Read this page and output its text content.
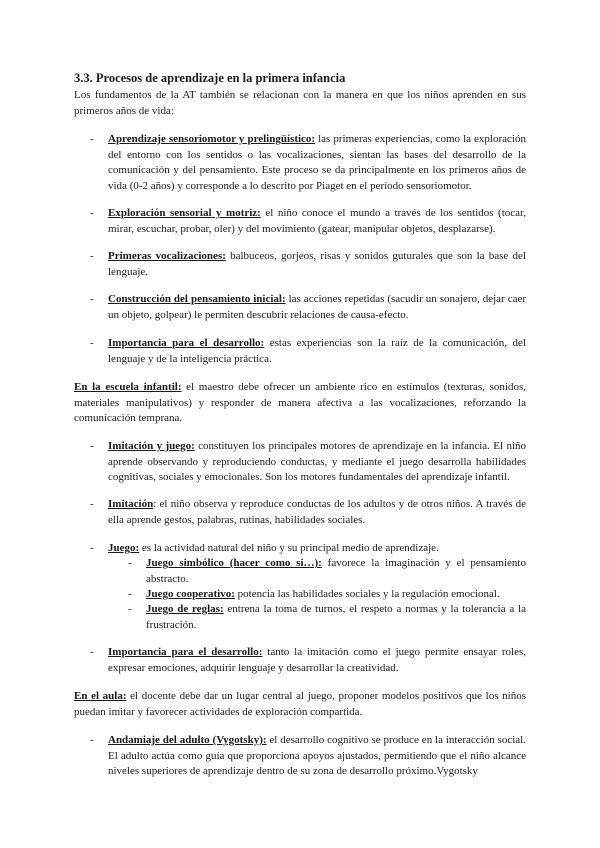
3.3. Procesos de aprendizaje en la primera infancia

Los fundamentos de la AT también se relacionan con la manera en que los niños aprenden en sus primeros años de vida:

- Aprendizaje sensoriomotor y prelingüístico: las primeras experiencias, como la exploración del entorno con los sentidos o las vocalizaciones, sientan las bases del desarrollo de la comunicación y del pensamiento. Este proceso se da principalmente en los primeros años de vida (0-2 años) y corresponde a lo descrito por Piaget en el período sensoriomotor.

- Exploración sensorial y motriz: el niño conoce el mundo a través de los sentidos (tocar, mirar, escuchar, probar, oler) y del movimiento (gatear, manipular objetos, desplazarse).

- Primeras vocalizaciones: balbuceos, gorjeos, risas y sonidos guturales que son la base del lenguaje.

- Construcción del pensamiento inicial: las acciones repetidas (sacudir un sonajero, dejar caer un objeto, golpear) le permiten descubrir relaciones de causa-efecto.

- Importancia para el desarrollo: estas experiencias son la raíz de la comunicación, del lenguaje y de la inteligencia práctica.

En la escuela infantil: el maestro debe ofrecer un ambiente rico en estímulos (texturas, sonidos, materiales manipulativos) y responder de manera afectiva a las vocalizaciones, reforzando la comunicación temprana.

- Imitación y juego: constituyen los principales motores de aprendizaje en la infancia. El niño aprende observando y reproduciendo conductas, y mediante el juego desarrolla habilidades cognitivas, sociales y emocionales. Son los motores fundamentales del aprendizaje infantil.

- Imitación: el niño observa y reproduce conductas de los adultos y de otros niños. A través de ella aprende gestos, palabras, rutinas, habilidades sociales.

- Juego: es la actividad natural del niño y su principal medio de aprendizaje.

- Juego simbólico (hacer como si…): favorece la imaginación y el pensamiento abstracto.

- Juego cooperativo: potencia las habilidades sociales y la regulación emocional.

- Juego de reglas: entrena la toma de turnos, el respeto a normas y la tolerancia a la frustración.

- Importancia para el desarrollo: tanto la imitación como el juego permite ensayar roles, expresar emociones, adquirir lenguaje y desarrollar la creatividad.

En el aula: el docente debe dar un lugar central al juego, proponer modelos positivos que los niños puedan imitar y favorecer actividades de exploración compartida.

- Andamiaje del adulto (Vygotsky): el desarrollo cognitivo se produce en la interacción social. El adulto actúa como guía que proporciona apoyos ajustados, permitiendo que el niño alcance niveles superiores de aprendizaje dentro de su zona de desarrollo próximo.Vygotsky
